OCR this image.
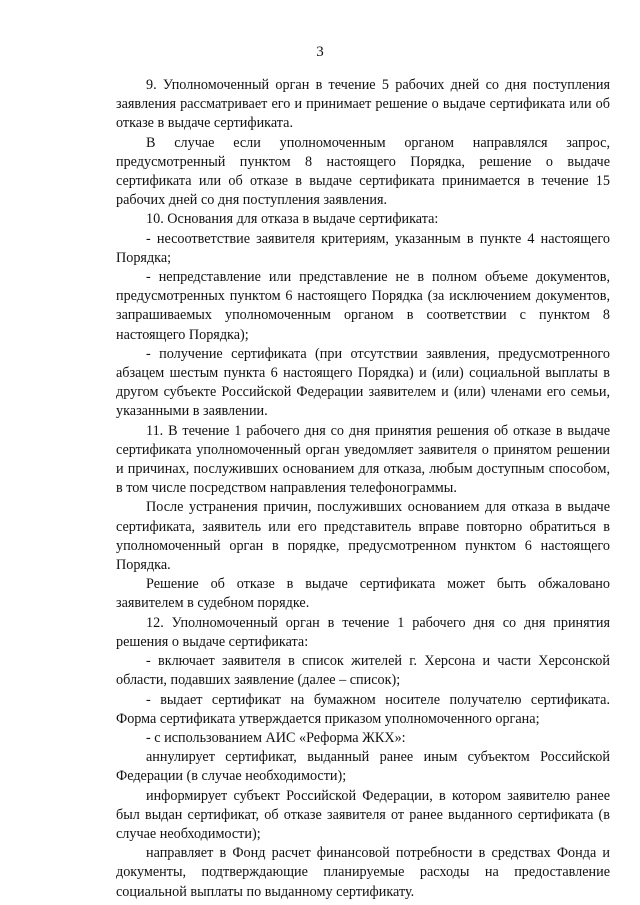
3

9. Уполномоченный орган в течение 5 рабочих дней со дня поступления заявления рассматривает его и принимает решение о выдаче сертификата или об отказе в выдаче сертификата.

В случае если уполномоченным органом направлялся запрос, предусмотренный пунктом 8 настоящего Порядка, решение о выдаче сертификата или об отказе в выдаче сертификата принимается в течение 15 рабочих дней со дня поступления заявления.

10. Основания для отказа в выдаче сертификата:

- несоответствие заявителя критериям, указанным в пункте 4 настоящего Порядка;

- непредставление или представление не в полном объеме документов, предусмотренных пунктом 6 настоящего Порядка (за исключением документов, запрашиваемых уполномоченным органом в соответствии с пунктом 8 настоящего Порядка);

- получение сертификата (при отсутствии заявления, предусмотренного абзацем шестым пункта 6 настоящего Порядка) и (или) социальной выплаты в другом субъекте Российской Федерации заявителем и (или) членами его семьи, указанными в заявлении.

11. В течение 1 рабочего дня со дня принятия решения об отказе в выдаче сертификата уполномоченный орган уведомляет заявителя о принятом решении и причинах, послуживших основанием для отказа, любым доступным способом, в том числе посредством направления телефонограммы.

После устранения причин, послуживших основанием для отказа в выдаче сертификата, заявитель или его представитель вправе повторно обратиться в уполномоченный орган в порядке, предусмотренном пунктом 6 настоящего Порядка.

Решение об отказе в выдаче сертификата может быть обжаловано заявителем в судебном порядке.

12. Уполномоченный орган в течение 1 рабочего дня со дня принятия решения о выдаче сертификата:

- включает заявителя в список жителей г. Херсона и части Херсонской области, подавших заявление (далее – список);

- выдает сертификат на бумажном носителе получателю сертификата. Форма сертификата утверждается приказом уполномоченного органа;

- с использованием АИС «Реформа ЖКХ»:

аннулирует сертификат, выданный ранее иным субъектом Российской Федерации (в случае необходимости);

информирует субъект Российской Федерации, в котором заявителю ранее был выдан сертификат, об отказе заявителя от ранее выданного сертификата (в случае необходимости);

направляет в Фонд расчет финансовой потребности в средствах Фонда и документы, подтверждающие планируемые расходы на предоставление социальной выплаты по выданному сертификату.
